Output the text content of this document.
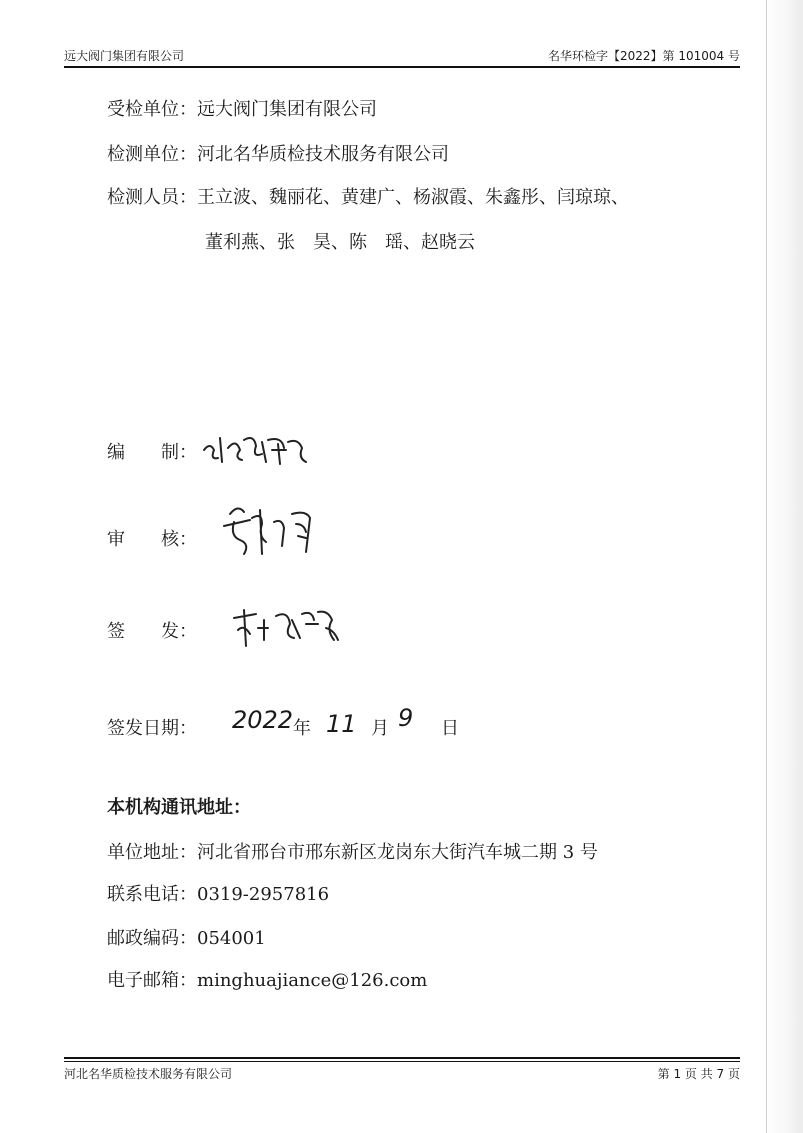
远大阀门集团有限公司	名华环检字【2022】第 101004 号
受检单位：远大阀门集团有限公司
检测单位：河北名华质检技术服务有限公司
检测人员：王立波、魏丽花、黄建广、杨淑霞、朱鑫彤、闫琼琼、
董利燕、张　昊、陈　瑶、赵晓云
编　　制：
审　　核：
签　　发：
签发日期： 2022 年 11 月 9 日
本机构通讯地址：
单位地址：河北省邢台市邢东新区龙岗东大街汽车城二期 3 号
联系电话：0319-2957816
邮政编码：054001
电子邮箱：minghuajiance@126.com
河北名华质检技术服务有限公司	第 1 页 共 7 页
